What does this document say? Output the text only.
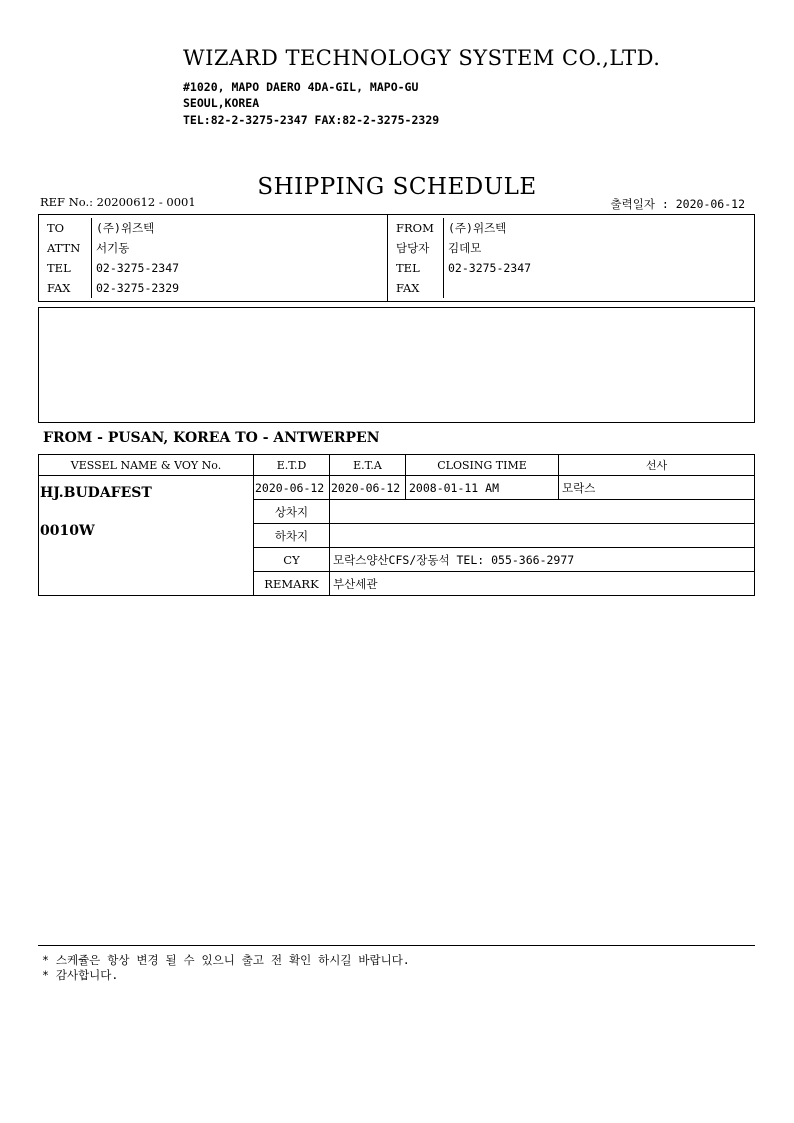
WIZARD TECHNOLOGY SYSTEM CO.,LTD.
#1020, MAPO DAERO 4DA-GIL, MAPO-GU
SEOUL,KOREA
TEL:82-2-3275-2347 FAX:82-2-3275-2329
SHIPPING SCHEDULE
REF No.: 20200612 - 0001	출력일자 : 2020-06-12

TO	(주)위즈텍	FROM	(주)위즈텍
ATTN	서기동	담당자	김데모
TEL	02-3275-2347	TEL	02-3275-2347
FAX	02-3275-2329	FAX	

FROM - PUSAN, KOREA TO - ANTWERPEN
VESSEL NAME & VOY No.	E.T.D	E.T.A	CLOSING TIME	선사

HJ.BUDAFEST
0010W	2020-06-12	2020-06-12	2008-01-11 AM	모락스
	상차지			
	하차지			
	CY	모락스양산CFS/장동석 TEL: 055-366-2977		
	REMARK	부산세관		
* 스케쥴은 항상 변경 될 수 있으니 출고 전 확인 하시길 바랍니다.
* 감사합니다.
